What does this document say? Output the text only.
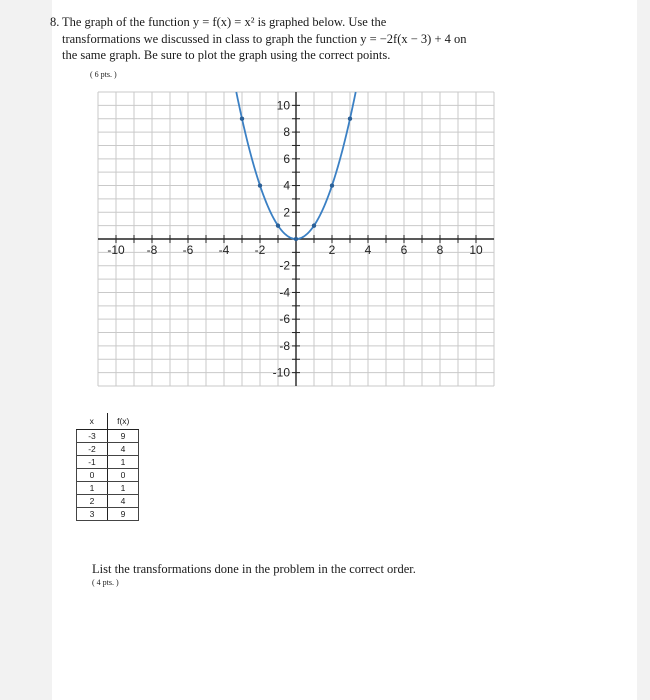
8. The graph of the function y = f(x) = x² is graphed below. Use the
transformations we discussed in class to graph the function y = −2f(x − 3) + 4 on
the same graph. Be sure to plot the graph using the correct points.
( 6 pts. )
-10 -8 -6 -4 -2	2 4 6 8 10
10
8
6
4
2
-2
-4
-6
-8
-10
x	f(x)
-3	9
-2	4
-1	1
0	0
1	1
2	4
3	9
List the transformations done in the problem in the correct order.
( 4 pts. )
